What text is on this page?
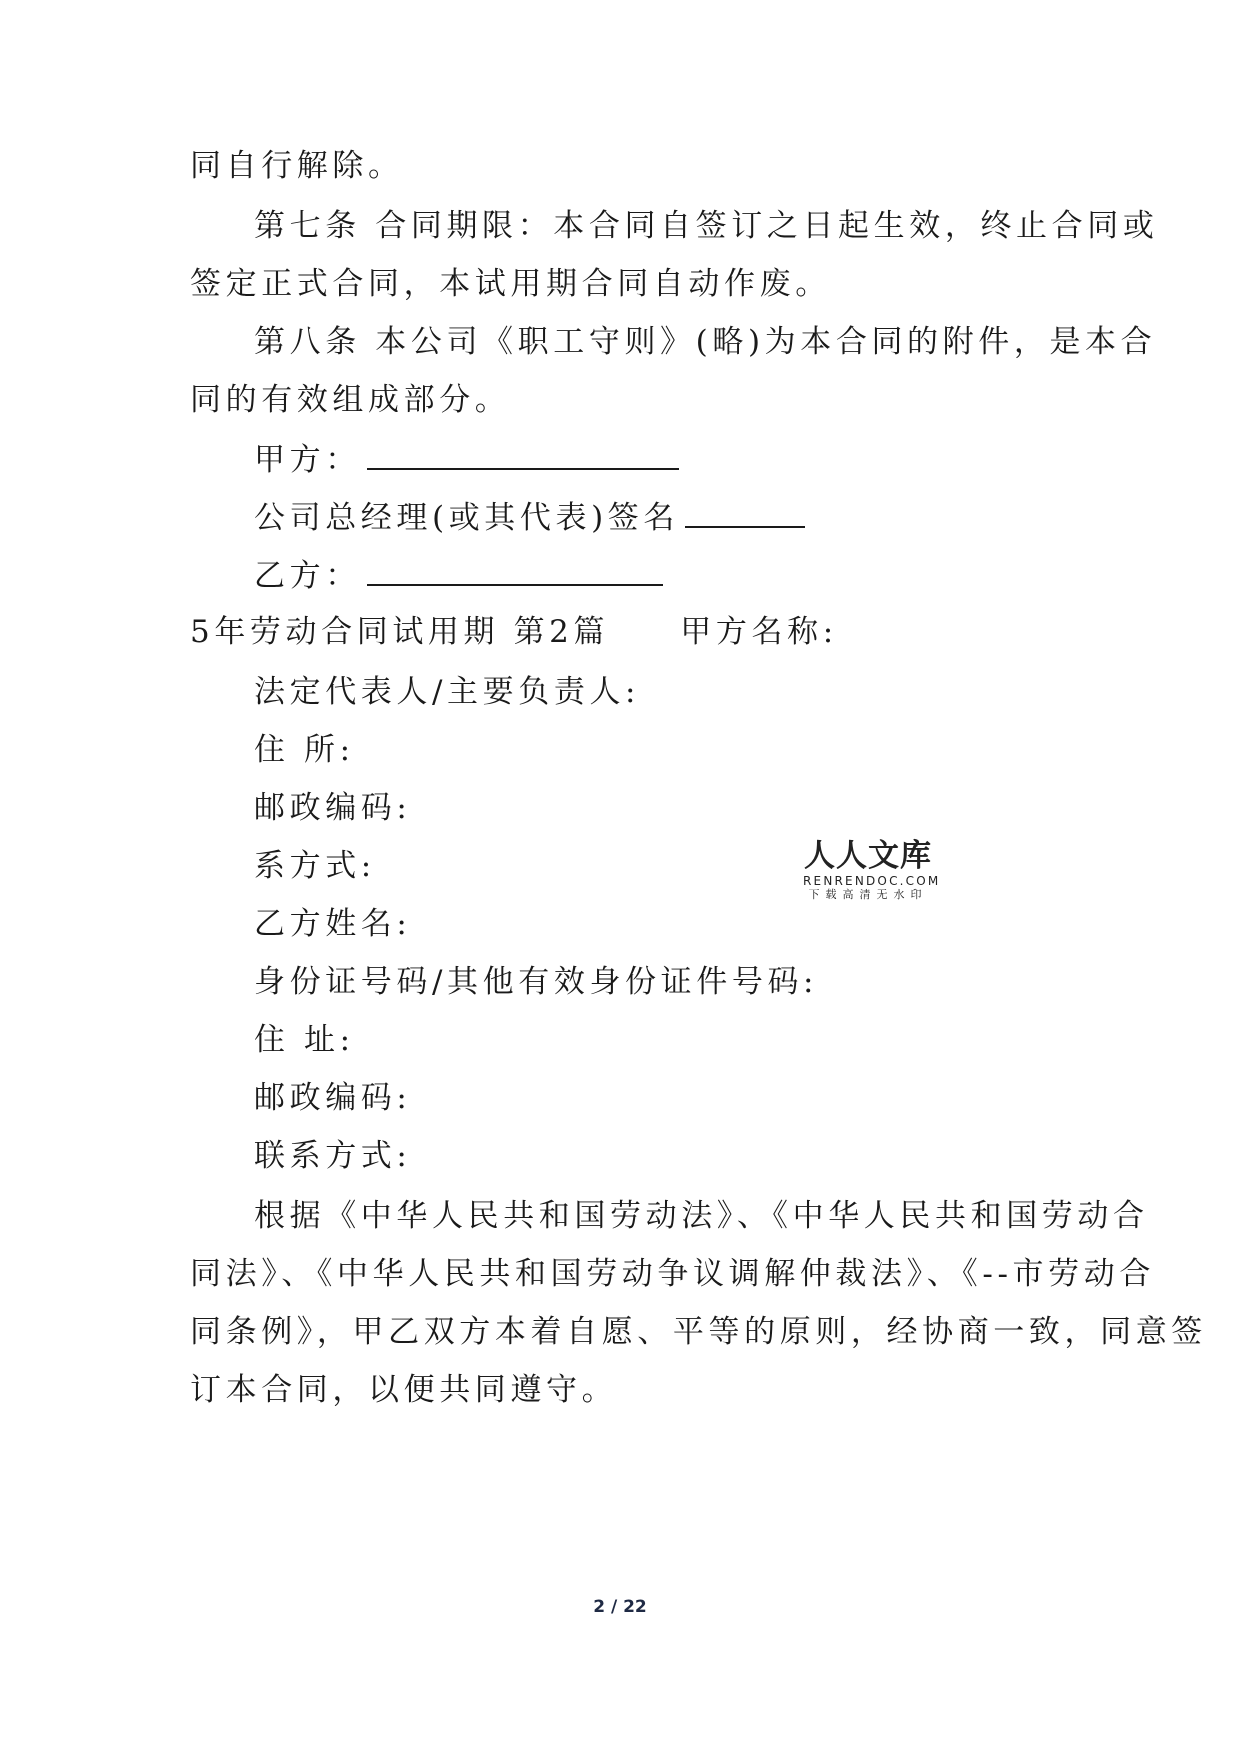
同自行解除。
第七条 合同期限：本合同自签订之日起生效，终止合同或
签定正式合同，本试用期合同自动作废。
第八条 本公司《职工守则》(略)为本合同的附件，是本合
同的有效组成部分。
甲方：
公司总经理(或其代表)签名
乙方：
5年劳动合同试用期 第2篇　　甲方名称:
法定代表人/主要负责人:
住 所:
邮政编码:
系方式:
乙方姓名:
身份证号码/其他有效身份证件号码:
住 址:
邮政编码:
联系方式:
根据《中华人民共和国劳动法》、《中华人民共和国劳动合
同法》、《中华人民共和国劳动争议调解仲裁法》、《--市劳动合
同条例》，甲乙双方本着自愿、平等的原则，经协商一致，同意签
订本合同，以便共同遵守。
人人文库
RENRENDOC.COM
下载高清无水印
2 / 22
